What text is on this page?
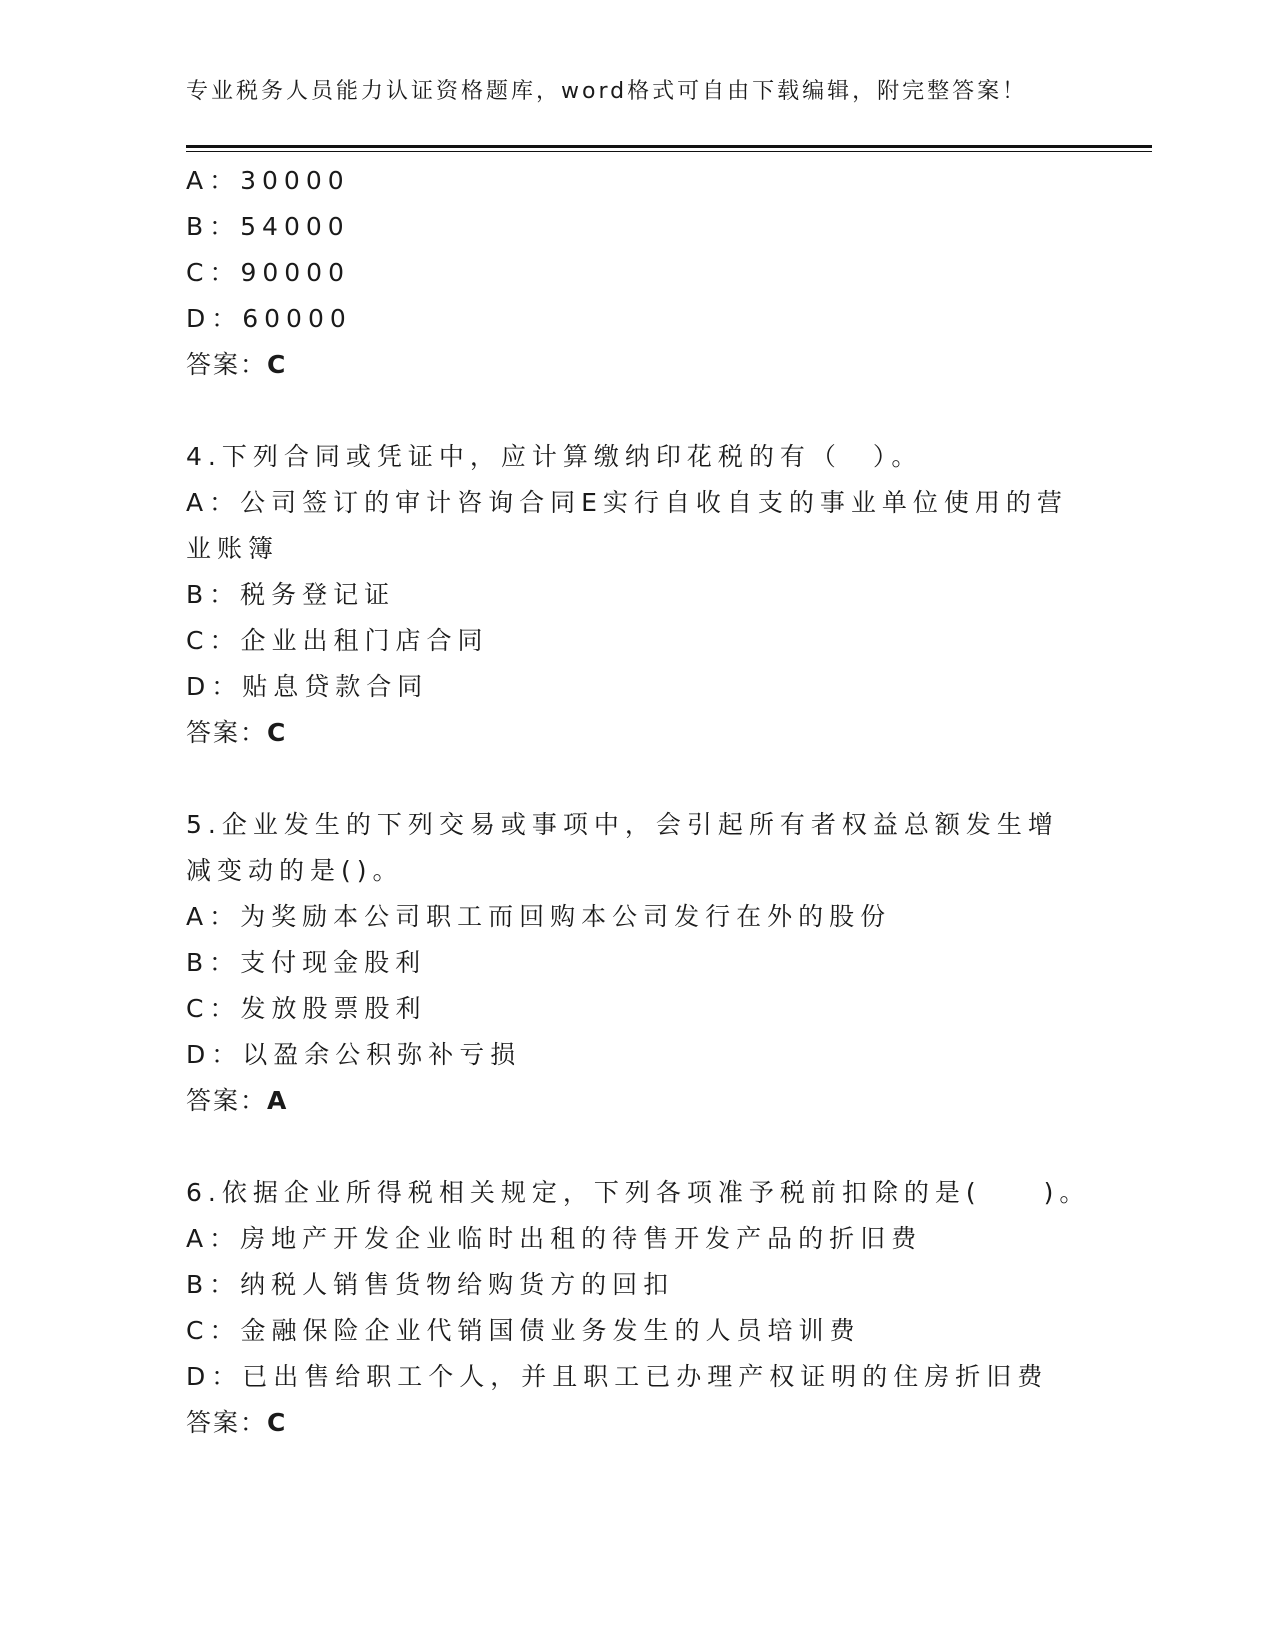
专业税务人员能力认证资格题库，word格式可自由下载编辑，附完整答案！
A：30000
B：54000
C：90000
D：60000
答案：C
4.下列合同或凭证中，应计算缴纳印花税的有（　）。
A：公司签订的审计咨询合同E实行自收自支的事业单位使用的营业账簿
B：税务登记证
C：企业出租门店合同
D：贴息贷款合同
答案：C
5.企业发生的下列交易或事项中，会引起所有者权益总额发生增减变动的是()。
A：为奖励本公司职工而回购本公司发行在外的股份
B：支付现金股利
C：发放股票股利
D：以盈余公积弥补亏损
答案：A
6.依据企业所得税相关规定，下列各项准予税前扣除的是(　　)。
A：房地产开发企业临时出租的待售开发产品的折旧费
B：纳税人销售货物给购货方的回扣
C：金融保险企业代销国债业务发生的人员培训费
D：已出售给职工个人，并且职工已办理产权证明的住房折旧费
答案：C
